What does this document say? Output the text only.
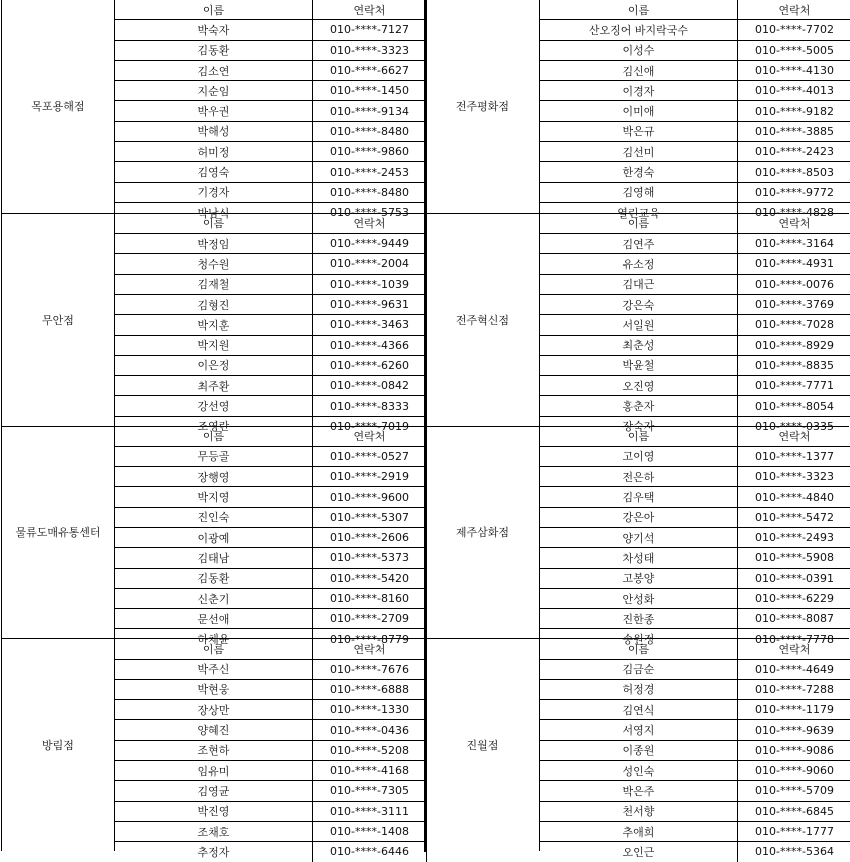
목포용해점
이름	연락처
박숙자	010-****-7127
김동환	010-****-3323
김소연	010-****-6627
지순임	010-****-1450
박우권	010-****-9134
박해성	010-****-8480
허미정	010-****-9860
김영숙	010-****-2453
기경자	010-****-8480
박남식	010-****-5753
무안점
이름	연락처
박정임	010-****-9449
청수원	010-****-2004
김재철	010-****-1039
김형진	010-****-9631
박지훈	010-****-3463
박지원	010-****-4366
이은정	010-****-6260
최주환	010-****-0842
강선영	010-****-8333
조영란	010-****-7019
물류도매유통센터
이름	연락처
무등골	010-****-0527
장행영	010-****-2919
박지영	010-****-9600
진인숙	010-****-5307
이광예	010-****-2606
김태남	010-****-5373
김동환	010-****-5420
신춘기	010-****-8160
문선애	010-****-2709
하채윤	010-****-8779
방림점
이름	연락처
박주신	010-****-7676
박현웅	010-****-6888
장상만	010-****-1330
양혜진	010-****-0436
조현하	010-****-5208
임유미	010-****-4168
김영균	010-****-7305
박진영	010-****-3111
조채호	010-****-1408
추정자	010-****-6446
전주평화점
이름	연락처
산오징어 바지락국수	010-****-7702
이성수	010-****-5005
김신애	010-****-4130
이경자	010-****-4013
이미애	010-****-9182
박은규	010-****-3885
김선미	010-****-2423
한경숙	010-****-8503
김영해	010-****-9772
열린교육	010-****-4828
전주혁신점
이름	연락처
김연주	010-****-3164
유소정	010-****-4931
김대근	010-****-0076
강은숙	010-****-3769
서일원	010-****-7028
최춘성	010-****-8929
박윤철	010-****-8835
오진영	010-****-7771
홍춘자	010-****-8054
장숙자	010-****-0335
제주삼화점
이름	연락처
고이영	010-****-1377
전은하	010-****-3323
김우택	010-****-4840
강은아	010-****-5472
양기석	010-****-2493
차성태	010-****-5908
고봉양	010-****-0391
안성화	010-****-6229
진한종	010-****-8087
송원정	010-****-7778
진월점
이름	연락처
김금순	010-****-4649
허정경	010-****-7288
김연식	010-****-1179
서영지	010-****-9639
이종원	010-****-9086
성인숙	010-****-9060
박은주	010-****-5709
천서향	010-****-6845
추애희	010-****-1777
오인근	010-****-5364
